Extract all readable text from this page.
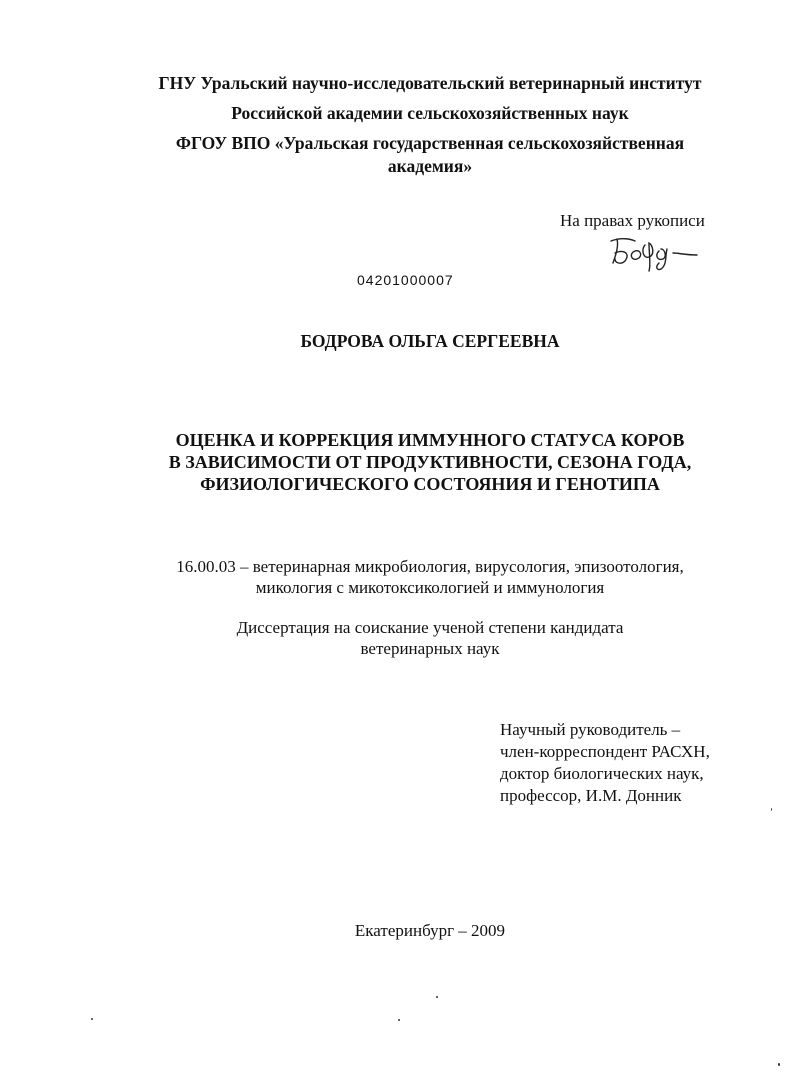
ГНУ Уральский научно-исследовательский ветеринарный институт
Российской академии сельскохозяйственных наук
ФГОУ ВПО «Уральская государственная сельскохозяйственная академия»
На правах рукописи
04201000007
БОДРОВА ОЛЬГА СЕРГЕЕВНА
ОЦЕНКА И КОРРЕКЦИЯ ИММУННОГО СТАТУСА КОРОВ
В ЗАВИСИМОСТИ ОТ ПРОДУКТИВНОСТИ, СЕЗОНА ГОДА,
ФИЗИОЛОГИЧЕСКОГО СОСТОЯНИЯ И ГЕНОТИПА
16.00.03 – ветеринарная микробиология, вирусология, эпизоотология,
микология с микотоксикологией и иммунология
Диссертация на соискание ученой степени кандидата
ветеринарных наук
Научный руководитель –
член-корреспондент РАСХН,
доктор биологических наук,
профессор, И.М. Донник
Екатеринбург – 2009
